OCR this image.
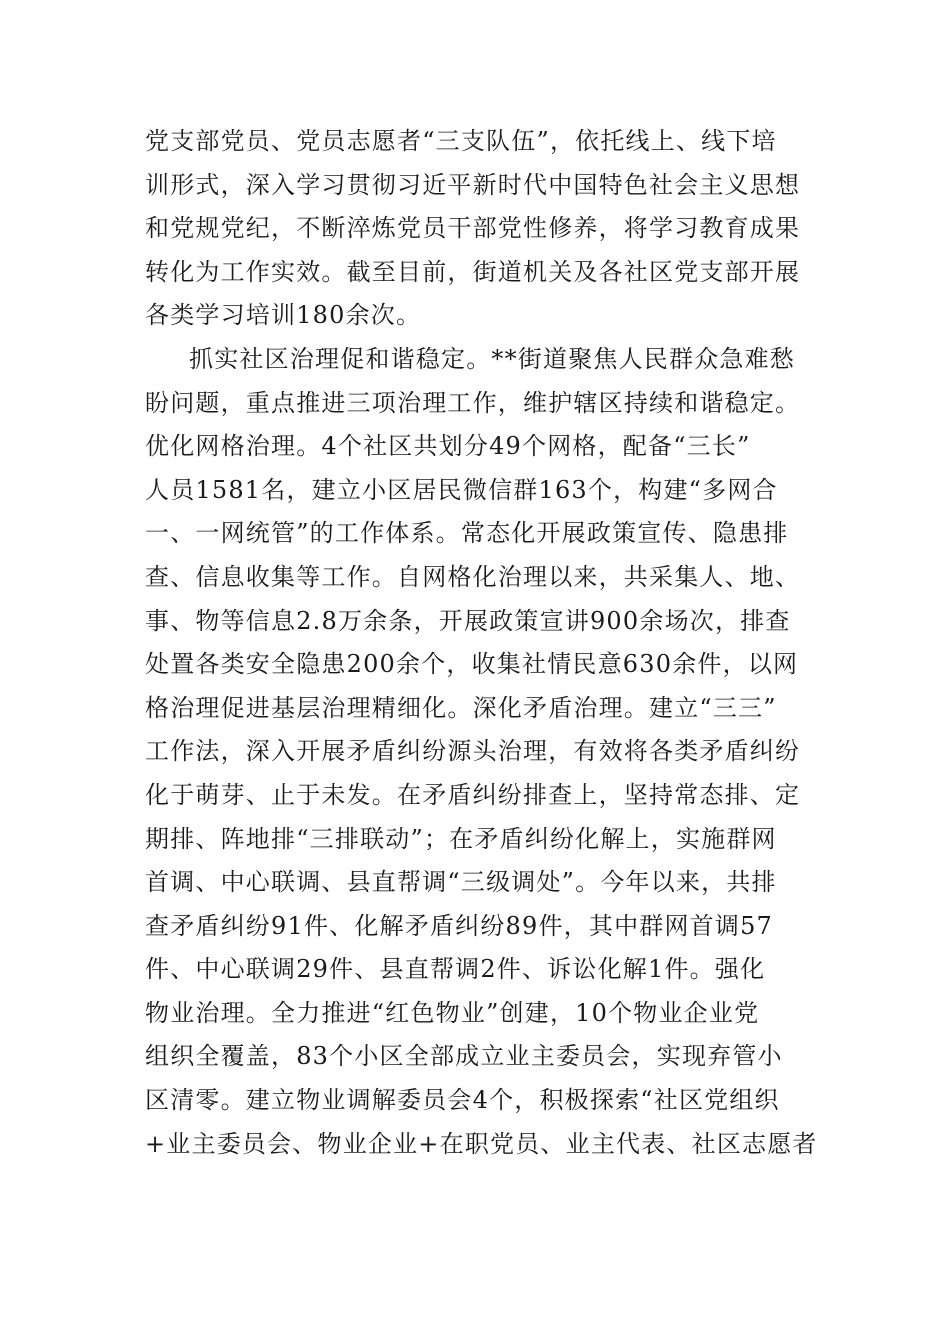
党支部党员、党员志愿者“三支队伍”，依托线上、线下培
训形式，深入学习贯彻习近平新时代中国特色社会主义思想
和党规党纪，不断淬炼党员干部党性修养，将学习教育成果
转化为工作实效。截至目前，街道机关及各社区党支部开展
各类学习培训180余次。
抓实社区治理促和谐稳定。**街道聚焦人民群众急难愁
盼问题，重点推进三项治理工作，维护辖区持续和谐稳定。
优化网格治理。4个社区共划分49个网格，配备“三长”
人员1581名，建立小区居民微信群163个，构建“多网合
一、一网统管”的工作体系。常态化开展政策宣传、隐患排
查、信息收集等工作。自网格化治理以来，共采集人、地、
事、物等信息2.8万余条，开展政策宣讲900余场次，排查
处置各类安全隐患200余个，收集社情民意630余件，以网
格治理促进基层治理精细化。深化矛盾治理。建立“三三”
工作法，深入开展矛盾纠纷源头治理，有效将各类矛盾纠纷
化于萌芽、止于未发。在矛盾纠纷排查上，坚持常态排、定
期排、阵地排“三排联动”；在矛盾纠纷化解上，实施群网
首调、中心联调、县直帮调“三级调处”。今年以来，共排
查矛盾纠纷91件、化解矛盾纠纷89件，其中群网首调57
件、中心联调29件、县直帮调2件、诉讼化解1件。强化
物业治理。全力推进“红色物业”创建，10个物业企业党
组织全覆盖，83个小区全部成立业主委员会，实现弃管小
区清零。建立物业调解委员会4个，积极探索“社区党组织
+业主委员会、物业企业+在职党员、业主代表、社区志愿者
